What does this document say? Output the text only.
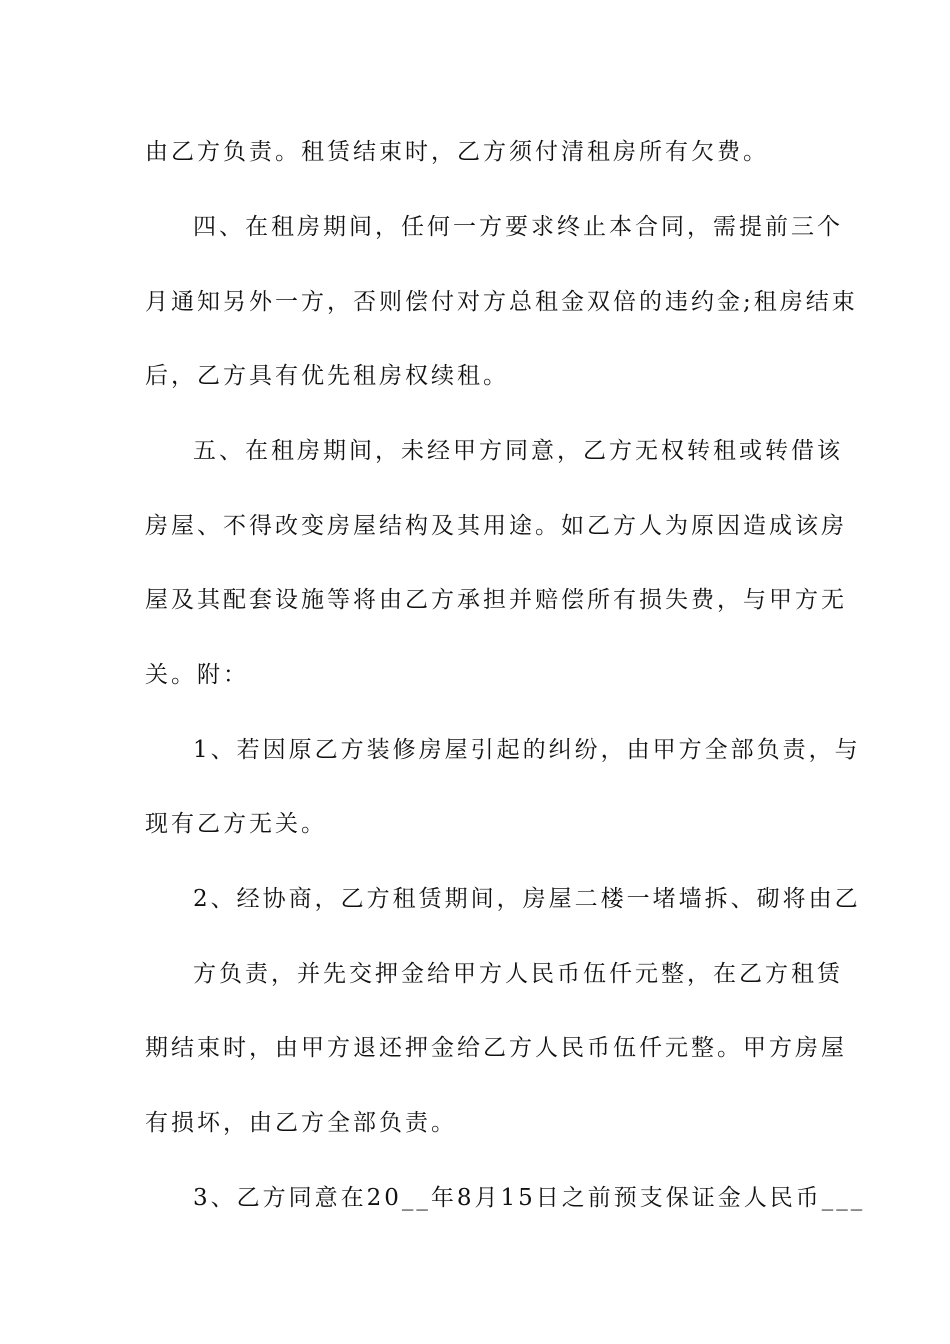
由乙方负责。租赁结束时，乙方须付清租房所有欠费。
四、在租房期间，任何一方要求终止本合同，需提前三个
月通知另外一方，否则偿付对方总租金双倍的违约金;租房结束
后，乙方具有优先租房权续租。
五、在租房期间，未经甲方同意，乙方无权转租或转借该
房屋、不得改变房屋结构及其用途。如乙方人为原因造成该房
屋及其配套设施等将由乙方承担并赔偿所有损失费，与甲方无
关。附：
1、若因原乙方装修房屋引起的纠纷，由甲方全部负责，与
现有乙方无关。
2、经协商，乙方租赁期间，房屋二楼一堵墙拆、砌将由乙
方负责，并先交押金给甲方人民币伍仟元整，在乙方租赁
期结束时，由甲方退还押金给乙方人民币伍仟元整。甲方房屋
有损坏，由乙方全部负责。
3、乙方同意在20__年8月15日之前预支保证金人民币___
